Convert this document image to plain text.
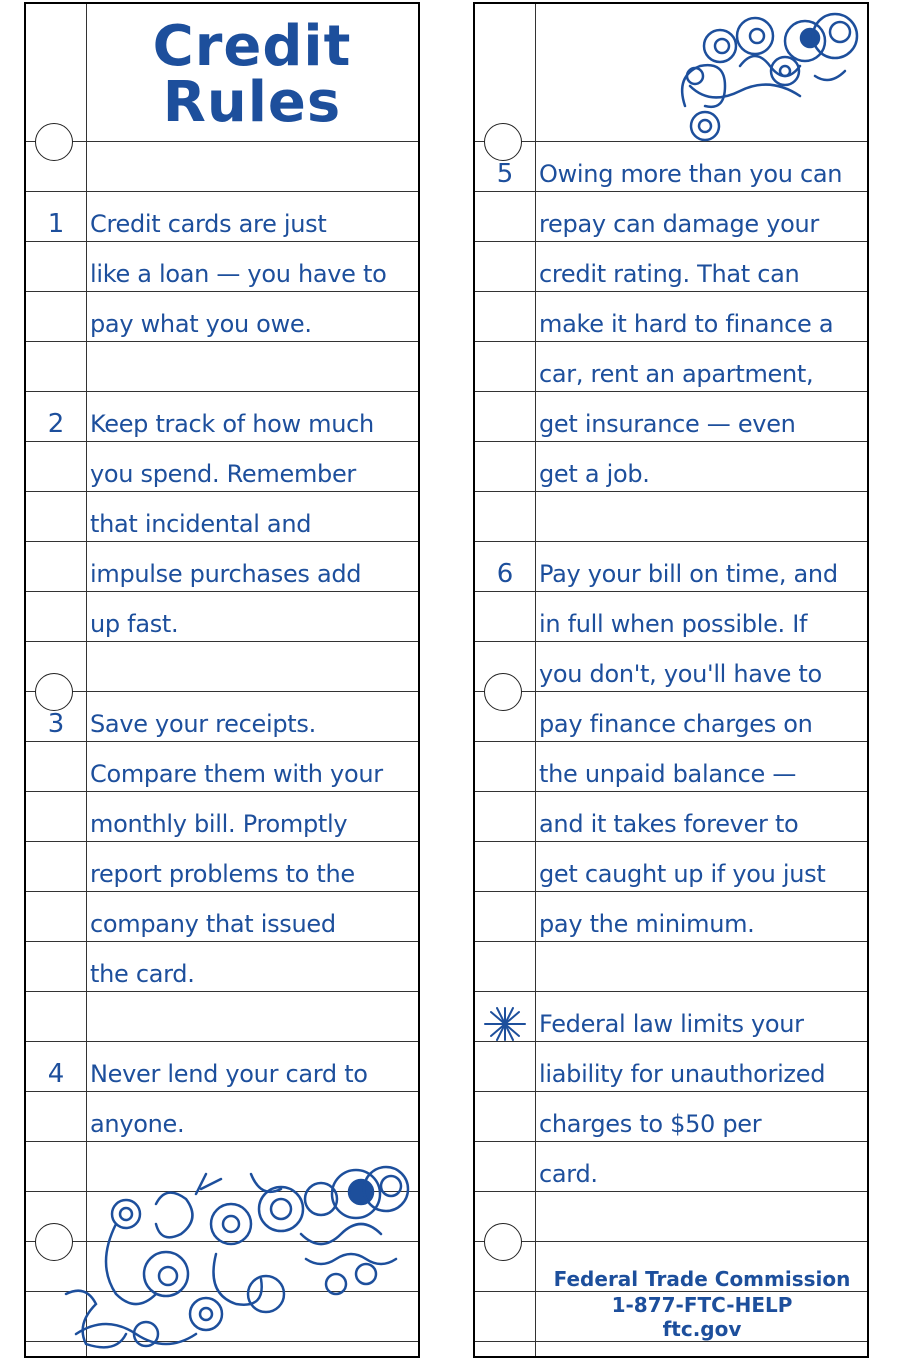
Credit
Rules
1	Credit cards are just
like a loan — you have to
pay what you owe.
2	Keep track of how much
you spend. Remember
that incidental and
impulse purchases add
up fast.
3	Save your receipts.
Compare them with your
monthly bill. Promptly
report problems to the
company that issued
the card.
4	Never lend your card to
anyone.
5	Owing more than you can
repay can damage your
credit rating. That can
make it hard to finance a
car, rent an apartment,
get insurance — even
get a job.
6	Pay your bill on time, and
in full when possible. If
you don't, you'll have to
pay finance charges on
the unpaid balance —
and it takes forever to
get caught up if you just
pay the minimum.
Federal law limits your
liability for unauthorized
charges to $50 per
card.
Federal Trade Commission
1-877-FTC-HELP
ftc.gov
